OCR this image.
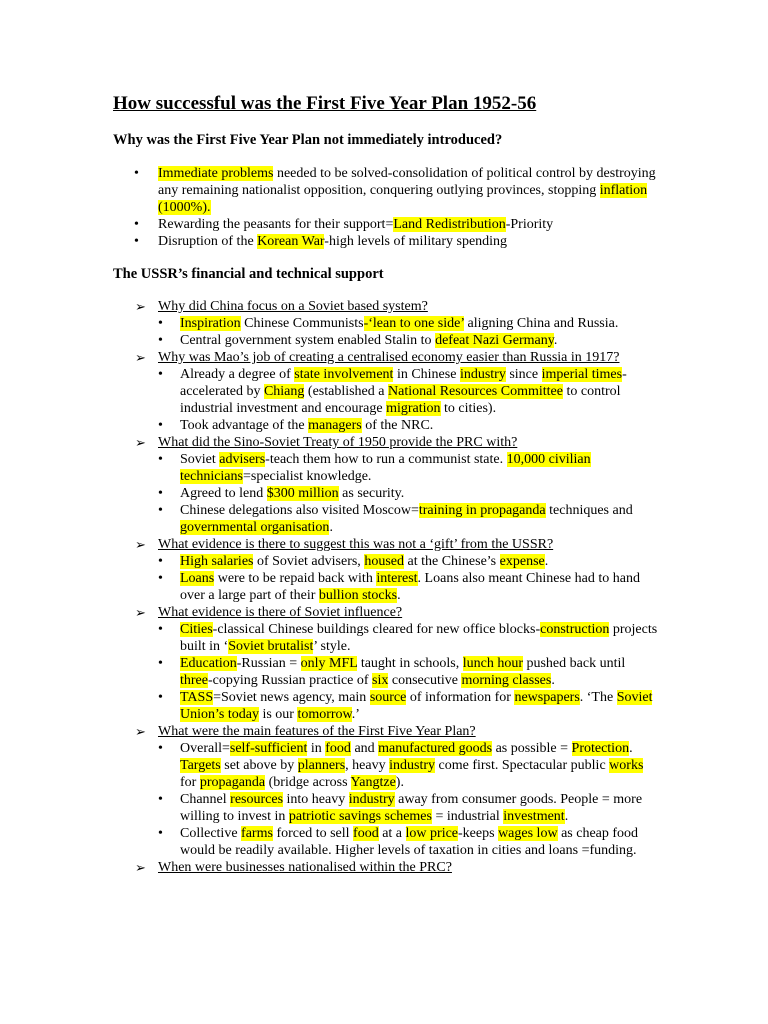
How successful was the First Five Year Plan 1952-56

Why was the First Five Year Plan not immediately introduced?

• Immediate problems needed to be solved-consolidation of political control by destroying any remaining nationalist opposition, conquering outlying provinces, stopping inflation (1000%).
• Rewarding the peasants for their support=Land Redistribution-Priority
• Disruption of the Korean War-high levels of military spending

The USSR’s financial and technical support

➢ Why did China focus on a Soviet based system?
• Inspiration Chinese Communists-‘lean to one side’ aligning China and Russia.
• Central government system enabled Stalin to defeat Nazi Germany.
➢ Why was Mao’s job of creating a centralised economy easier than Russia in 1917?
• Already a degree of state involvement in Chinese industry since imperial times-accelerated by Chiang (established a National Resources Committee to control industrial investment and encourage migration to cities).
• Took advantage of the managers of the NRC.
➢ What did the Sino-Soviet Treaty of 1950 provide the PRC with?
• Soviet advisers-teach them how to run a communist state. 10,000 civilian technicians=specialist knowledge.
• Agreed to lend $300 million as security.
• Chinese delegations also visited Moscow=training in propaganda techniques and governmental organisation.
➢ What evidence is there to suggest this was not a ‘gift’ from the USSR?
• High salaries of Soviet advisers, housed at the Chinese’s expense.
• Loans were to be repaid back with interest. Loans also meant Chinese had to hand over a large part of their bullion stocks.
➢ What evidence is there of Soviet influence?
• Cities-classical Chinese buildings cleared for new office blocks-construction projects built in ‘Soviet brutalist’ style.
• Education-Russian = only MFL taught in schools, lunch hour pushed back until three-copying Russian practice of six consecutive morning classes.
• TASS=Soviet news agency, main source of information for newspapers. ‘The Soviet Union’s today is our tomorrow.’
➢ What were the main features of the First Five Year Plan?
• Overall=self-sufficient in food and manufactured goods as possible = Protection. Targets set above by planners, heavy industry come first. Spectacular public works for propaganda (bridge across Yangtze).
• Channel resources into heavy industry away from consumer goods. People = more willing to invest in patriotic savings schemes = industrial investment.
• Collective farms forced to sell food at a low price-keeps wages low as cheap food would be readily available. Higher levels of taxation in cities and loans =funding.
➢ When were businesses nationalised within the PRC?
